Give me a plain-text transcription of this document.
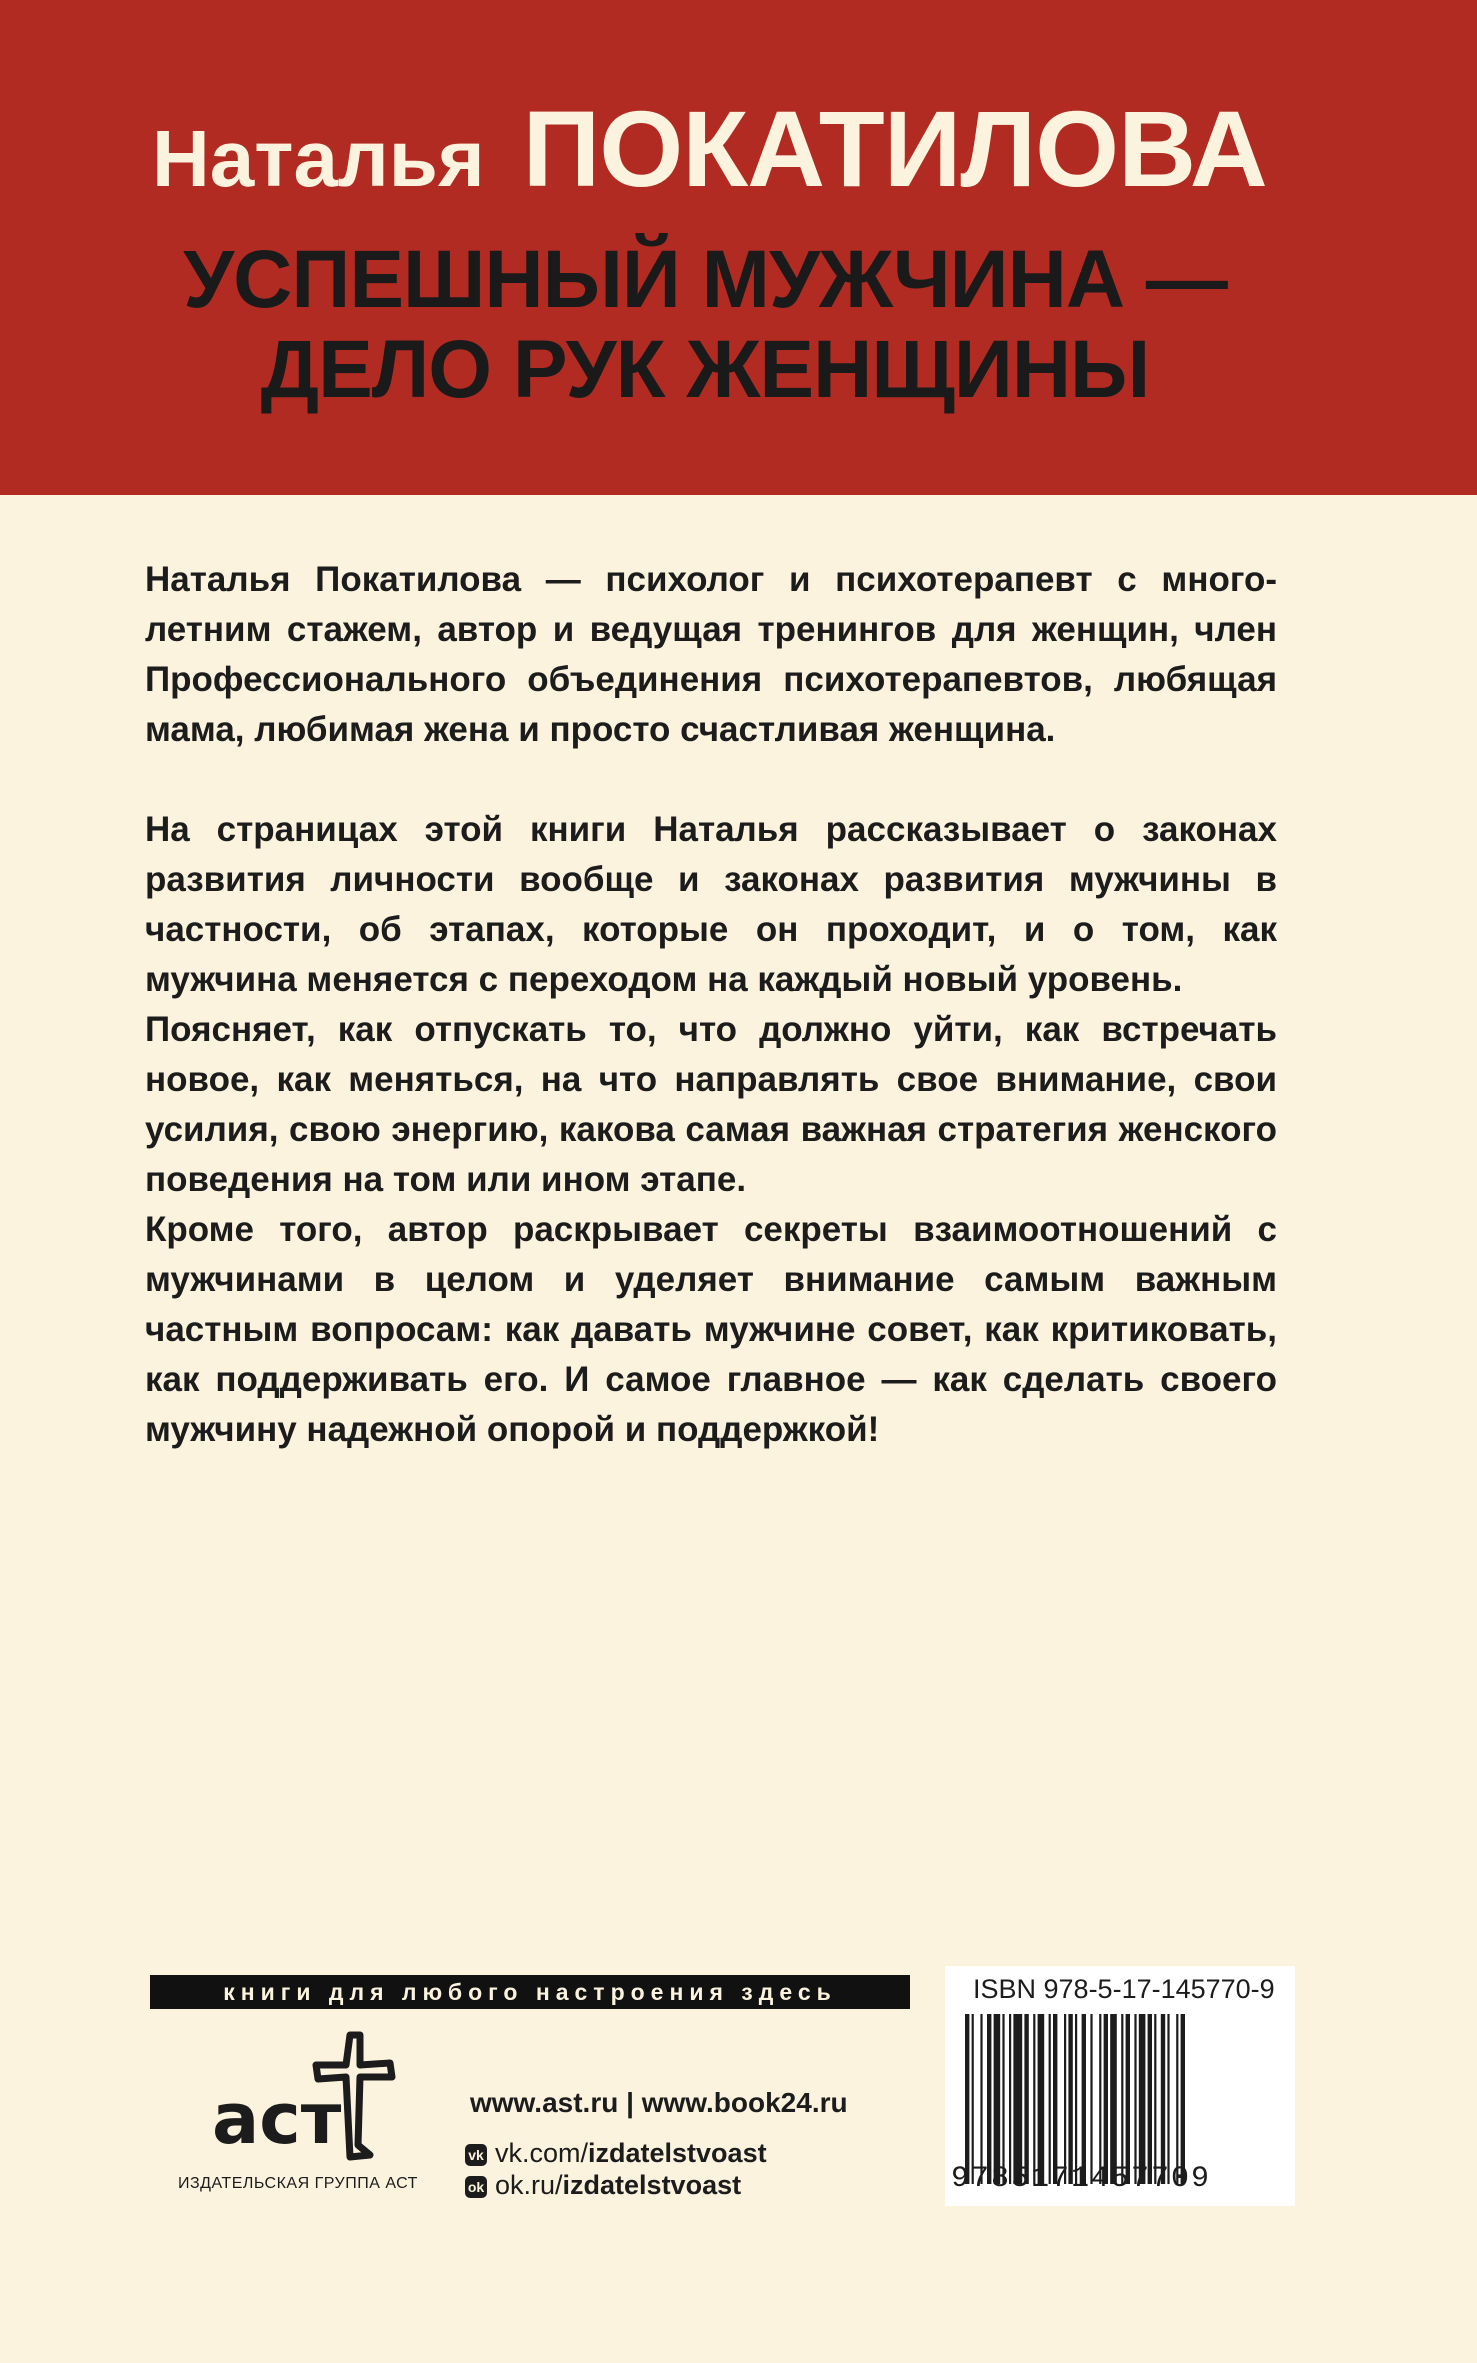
Наталья ПОКАТИЛОВА
УСПЕШНЫЙ МУЖЧИНА —
ДЕЛО РУК ЖЕНЩИНЫ

Наталья Покатилова — психолог и психотерапевт с многолетним стажем, автор и ведущая тренингов для женщин, член Профессионального объединения психотерапевтов, любящая мама, любимая жена и просто счастливая женщина.

На страницах этой книги Наталья рассказывает о законах развития личности вообще и законах развития мужчины в частности, об этапах, которые он проходит, и о том, как мужчина меняется с переходом на каждый новый уровень.

Поясняет, как отпускать то, что должно уйти, как встречать новое, как меняться, на что направлять свое внимание, свои усилия, свою энергию, какова самая важная стратегия женского поведения на том или ином этапе.

Кроме того, автор раскрывает секреты взаимоотношений с мужчинами в целом и уделяет внимание самым важным частным вопросам: как давать мужчине совет, как критиковать, как поддерживать его. И самое главное — как сделать своего мужчину надежной опорой и поддержкой!

книги для любого настроения здесь
аст
ИЗДАТЕЛЬСКАЯ ГРУППА АСТ
www.ast.ru | www.book24.ru
vk vk.com/izdatelstvoast
ok ok.ru/izdatelstvoast
ISBN 978-5-17-145770-9
9785171457709
